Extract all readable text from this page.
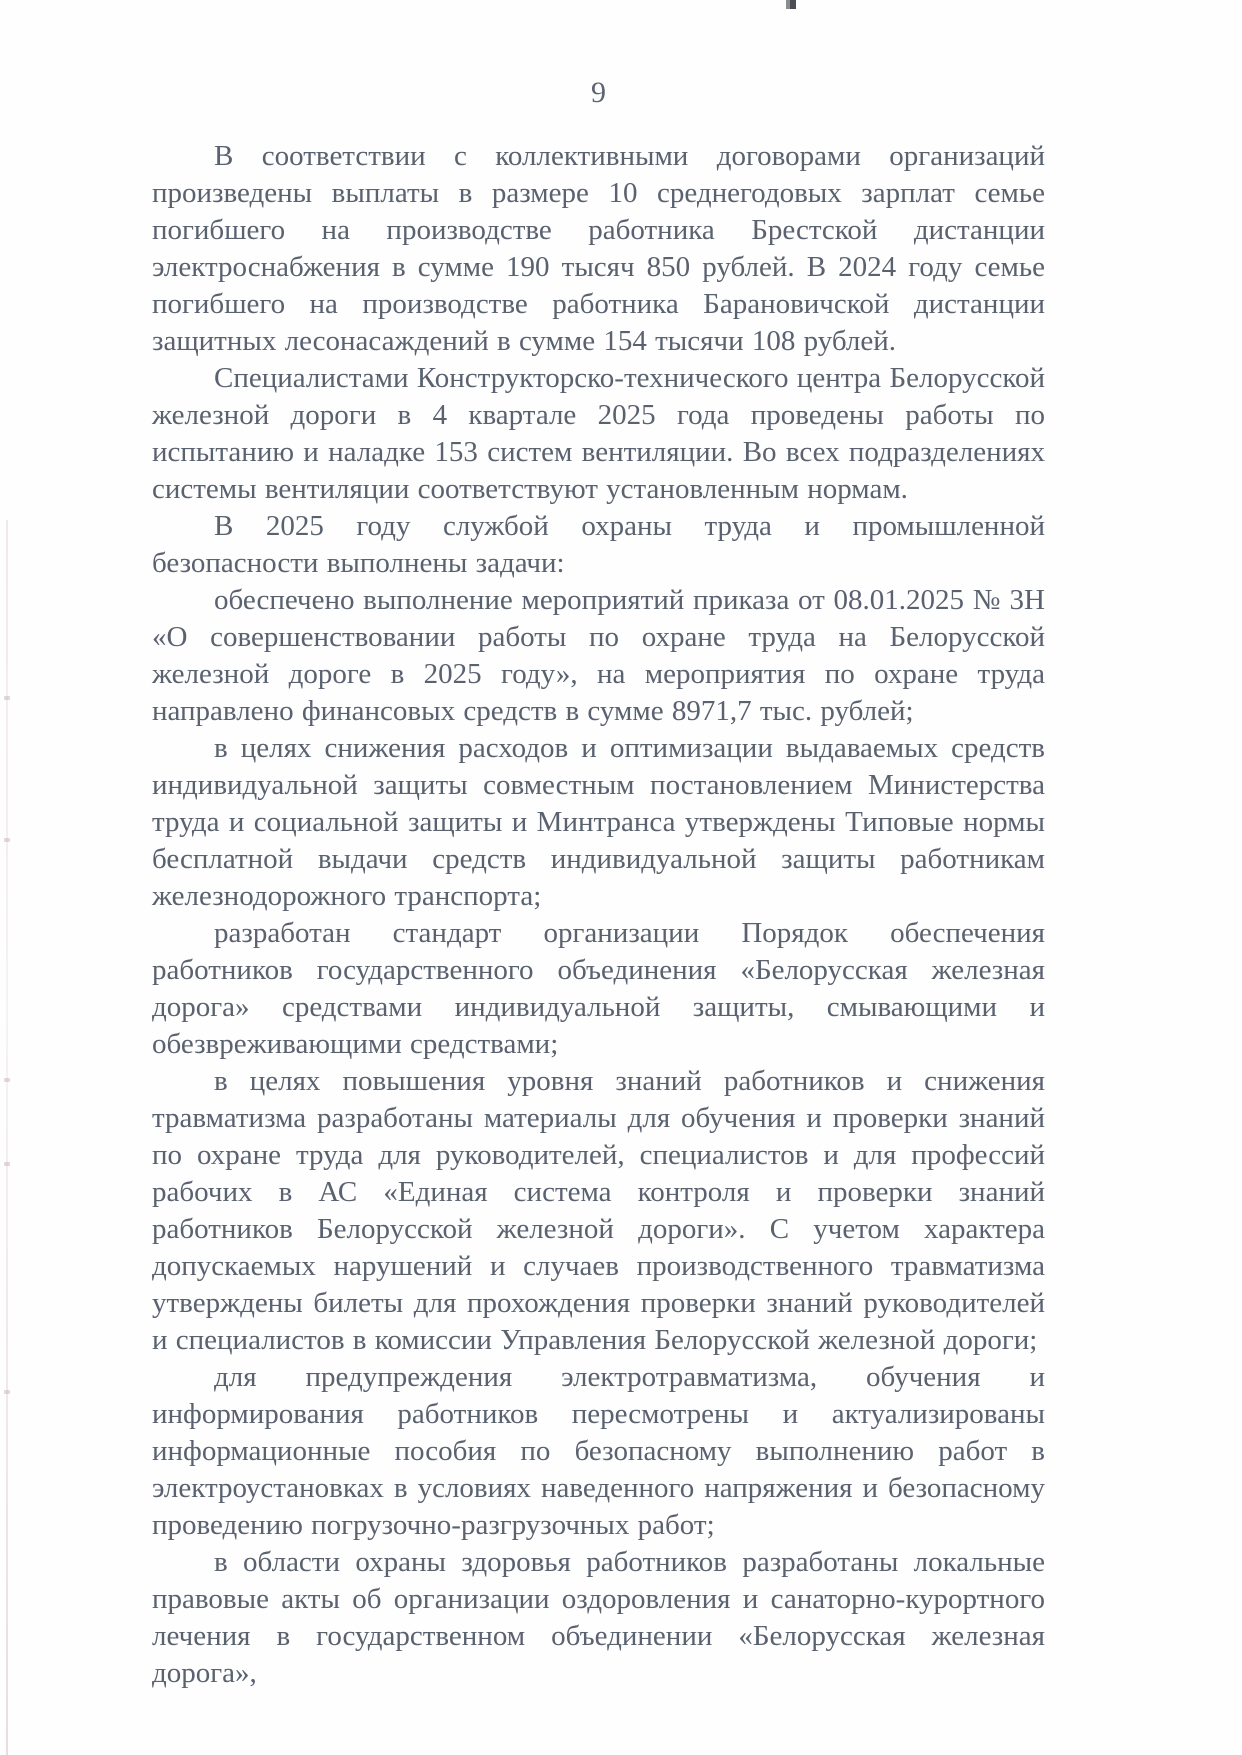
9

В соответствии с коллективными договорами организаций произведены выплаты в размере 10 среднегодовых зарплат семье погибшего на производстве работника Брестской дистанции электроснабжения в сумме 190 тысяч 850 рублей. В 2024 году семье погибшего на производстве работника Барановичской дистанции защитных лесонасаждений в сумме 154 тысячи 108 рублей.

Специалистами Конструкторско-технического центра Белорусской железной дороги в 4 квартале 2025 года проведены работы по испытанию и наладке 153 систем вентиляции. Во всех подразделениях системы вентиляции соответствуют установленным нормам.

В 2025 году службой охраны труда и промышленной безопасности выполнены задачи:

обеспечено выполнение мероприятий приказа от 08.01.2025 № 3Н «О совершенствовании работы по охране труда на Белорусской железной дороге в 2025 году», на мероприятия по охране труда направлено финансовых средств в сумме 8971,7 тыс. рублей;

в целях снижения расходов и оптимизации выдаваемых средств индивидуальной защиты совместным постановлением Министерства труда и социальной защиты и Минтранса утверждены Типовые нормы бесплатной выдачи средств индивидуальной защиты работникам железнодорожного транспорта;

разработан стандарт организации Порядок обеспечения работников государственного объединения «Белорусская железная дорога» средствами индивидуальной защиты, смывающими и обезвреживающими средствами;

в целях повышения уровня знаний работников и снижения травматизма разработаны материалы для обучения и проверки знаний по охране труда для руководителей, специалистов и для профессий рабочих в АС «Единая система контроля и проверки знаний работников Белорусской железной дороги». С учетом характера допускаемых нарушений и случаев производственного травматизма утверждены билеты для прохождения проверки знаний руководителей и специалистов в комиссии Управления Белорусской железной дороги;

для предупреждения электротравматизма, обучения и информирования работников пересмотрены и актуализированы информационные пособия по безопасному выполнению работ в электроустановках в условиях наведенного напряжения и безопасному проведению погрузочно-разгрузочных работ;

в области охраны здоровья работников разработаны локальные правовые акты об организации оздоровления и санаторно-курортного лечения в государственном объединении «Белорусская железная дорога»,
